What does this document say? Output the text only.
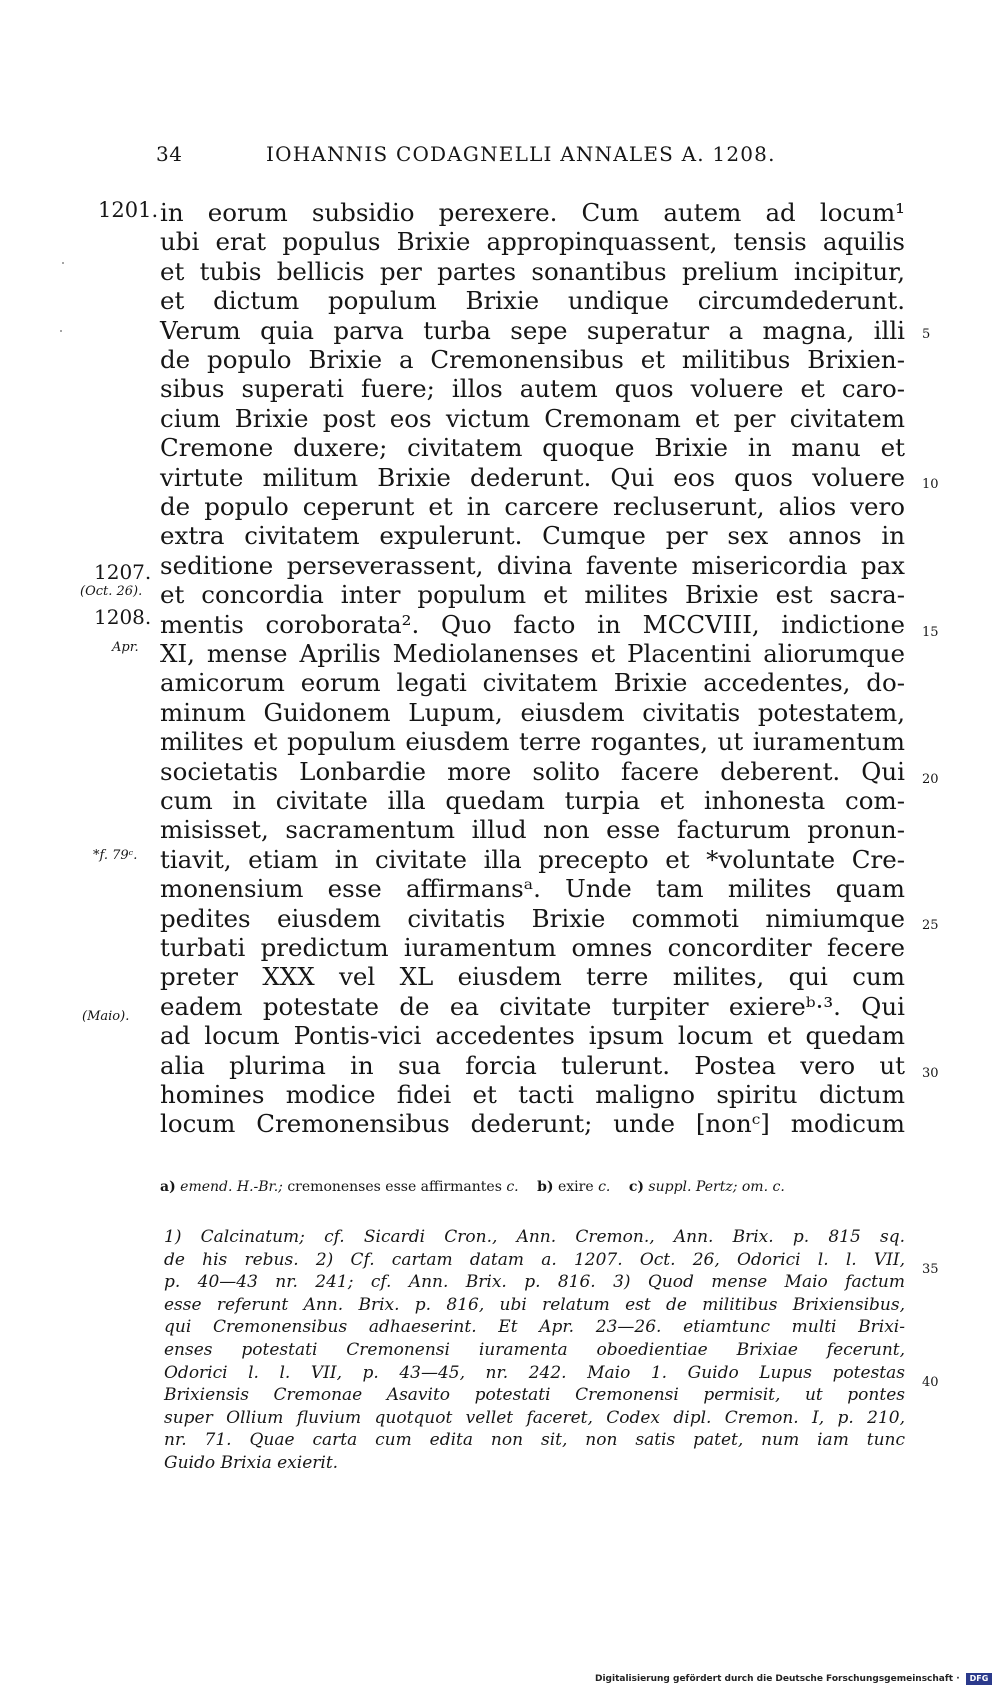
34	IOHANNIS CODAGNELLI ANNALES A. 1208.
in eorum subsidio perexere. Cum autem ad locum¹
ubi erat populus Brixie appropinquassent, tensis aquilis
et tubis bellicis per partes sonantibus prelium incipitur,
et dictum populum Brixie undique circumdederunt.
Verum quia parva turba sepe superatur a magna, illi
de populo Brixie a Cremonensibus et militibus Brixien-
sibus superati fuere; illos autem quos voluere et caro-
cium Brixie post eos victum Cremonam et per civitatem
Cremone duxere; civitatem quoque Brixie in manu et
virtute militum Brixie dederunt. Qui eos quos voluere
de populo ceperunt et in carcere recluserunt, alios vero
extra civitatem expulerunt. Cumque per sex annos in
seditione perseverassent, divina favente misericordia pax
et concordia inter populum et milites Brixie est sacra-
mentis coroborata². Quo facto in MCCVIII, indictione
XI, mense Aprilis Mediolanenses et Placentini aliorumque
amicorum eorum legati civitatem Brixie accedentes, do-
minum Guidonem Lupum, eiusdem civitatis potestatem,
milites et populum eiusdem terre rogantes, ut iuramentum
societatis Lonbardie more solito facere deberent. Qui
cum in civitate illa quedam turpia et inhonesta com-
misisset, sacramentum illud non esse facturum pronun-
tiavit, etiam in civitate illa precepto et *voluntate Cre-
monensium esse affirmansᵃ. Unde tam milites quam
pedites eiusdem civitatis Brixie commoti nimiumque
turbati predictum iuramentum omnes concorditer fecere
preter XXX vel XL eiusdem terre milites, qui cum
eadem potestate de ea civitate turpiter exiereᵇ·³. Qui
ad locum Pontis-vici accedentes ipsum locum et quedam
alia plurima in sua forcia tulerunt. Postea vero ut
homines modice fidei et tacti maligno spiritu dictum
locum Cremonensibus dederunt; unde [nonᶜ] modicum
1201.
1207.
(Oct. 26).
1208.
Apr.
*f. 79ᶜ.
(Maio).
5
10
15
20
25
30
35
40
a) emend. H.-Br.; cremonenses esse affirmantes c. b) exire c. c) suppl. Pertz; om. c.
1) Calcinatum; cf. Sicardi Cron., Ann. Cremon., Ann. Brix. p. 815 sq.
de his rebus. 2) Cf. cartam datam a. 1207. Oct. 26, Odorici l. l. VII,
p. 40—43 nr. 241; cf. Ann. Brix. p. 816. 3) Quod mense Maio factum
esse referunt Ann. Brix. p. 816, ubi relatum est de militibus Brixiensibus,
qui Cremonensibus adhaeserint. Et Apr. 23—26. etiamtunc multi Brixi-
enses potestati Cremonensi iuramenta oboedientiae Brixiae fecerunt,
Odorici l. l. VII, p. 43—45, nr. 242. Maio 1. Guido Lupus potestas
Brixiensis Cremonae Asavito potestati Cremonensi permisit, ut pontes
super Ollium fluvium quotquot vellet faceret, Codex dipl. Cremon. I, p. 210,
nr. 71. Quae carta cum edita non sit, non satis patet, num iam tunc
Guido Brixia exierit.
Digitalisierung gefördert durch die Deutsche Forschungsgemeinschaft ·	DFG
